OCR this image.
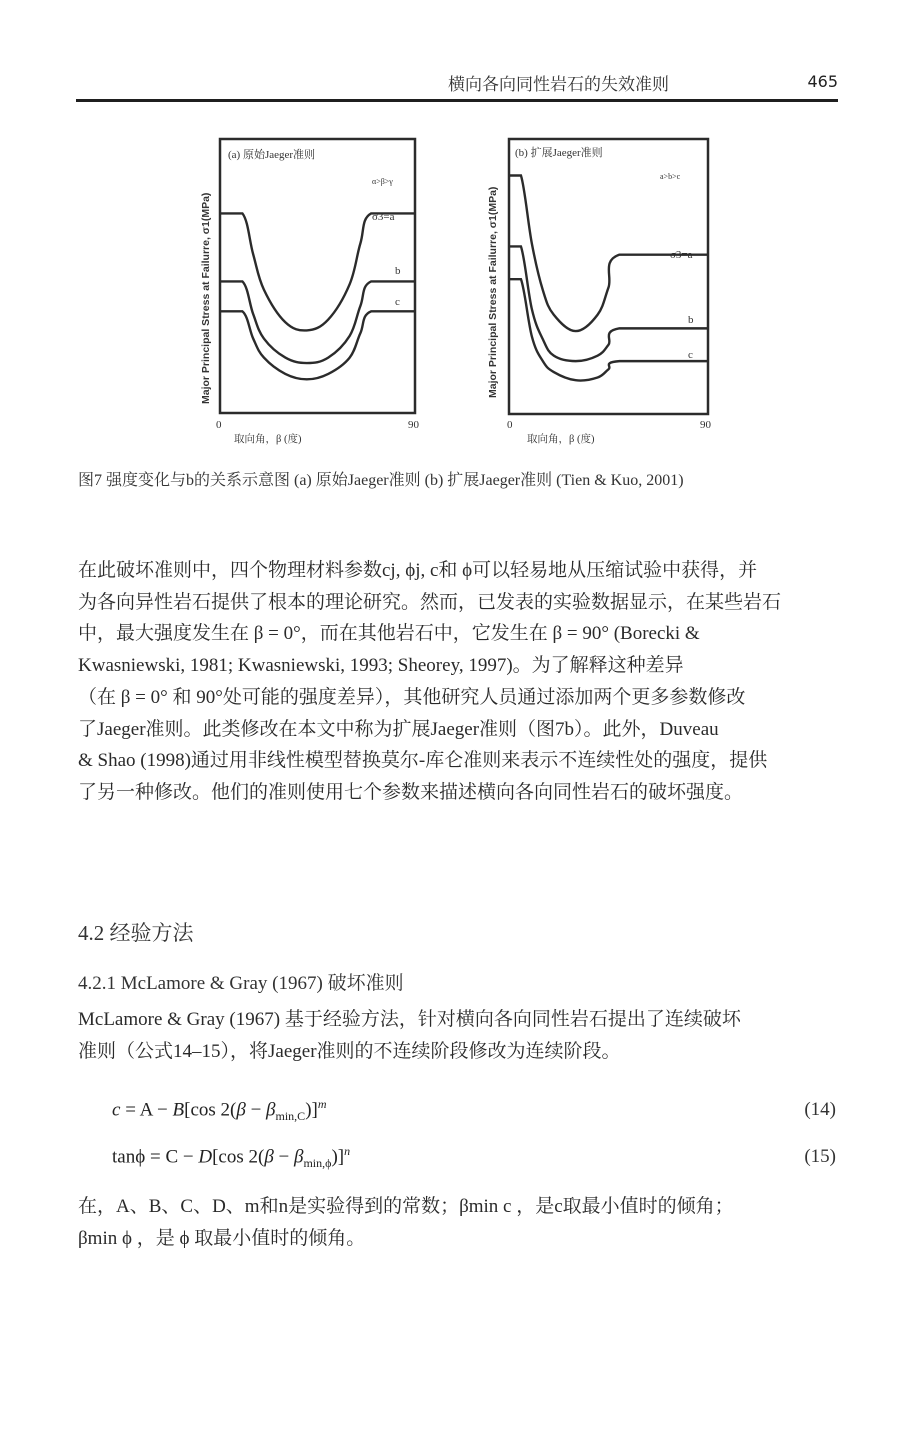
横向各向同性岩石的失效准则	465
(a) 原始Jaeger准则
α>β>γ
σ3=a
b
c
Major Principal Stress at Failurre, σ1(MPa)
0	90
取向角，β (度)
(b) 扩展Jaeger准则
a>b>c
σ3=a
b
c
Major Principal Stress at Failurre, σ1(MPa)
0	90
取向角，β (度)
图7 强度变化与b的关系示意图 (a) 原始Jaeger准则 (b) 扩展Jaeger准则 (Tien & Kuo, 2001)

在此破坏准则中，四个物理材料参数cj, ϕj, c和 ϕ可以轻易地从压缩试验中获得，并

为各向异性岩石提供了根本的理论研究。然而，已发表的实验数据显示，在某些岩石

中，最大强度发生在 β = 0°，而在其他岩石中，它发生在 β = 90° (Borecki &

Kwasniewski, 1981; Kwasniewski, 1993; Sheorey, 1997)。为了解释这种差异

（在 β = 0° 和 90°处可能的强度差异），其他研究人员通过添加两个更多参数修改

了Jaeger准则。此类修改在本文中称为扩展Jaeger准则（图7b）。此外，Duveau

& Shao (1998)通过用非线性模型替换莫尔-库仑准则来表示不连续性处的强度，提供

了另一种修改。他们的准则使用七个参数来描述横向各向同性岩石的破坏强度。

4.2 经验方法
4.2.1 McLamore & Gray (1967) 破坏准则

McLamore & Gray (1967) 基于经验方法，针对横向各向同性岩石提出了连续破坏

准则（公式14–15），将Jaeger准则的不连续阶段修改为连续阶段。

c = A − B[cos $2(\beta - \beta_{min,C})]^m$	(14)
tanϕ = C − D[cos $2(\beta - \beta_{min,\phi})]^n$	(15)

在，A、B、C、D、m和n是实验得到的常数；βmin c ，是c取最小值时的倾角；

βmin ϕ ，是 ϕ 取最小值时的倾角。
